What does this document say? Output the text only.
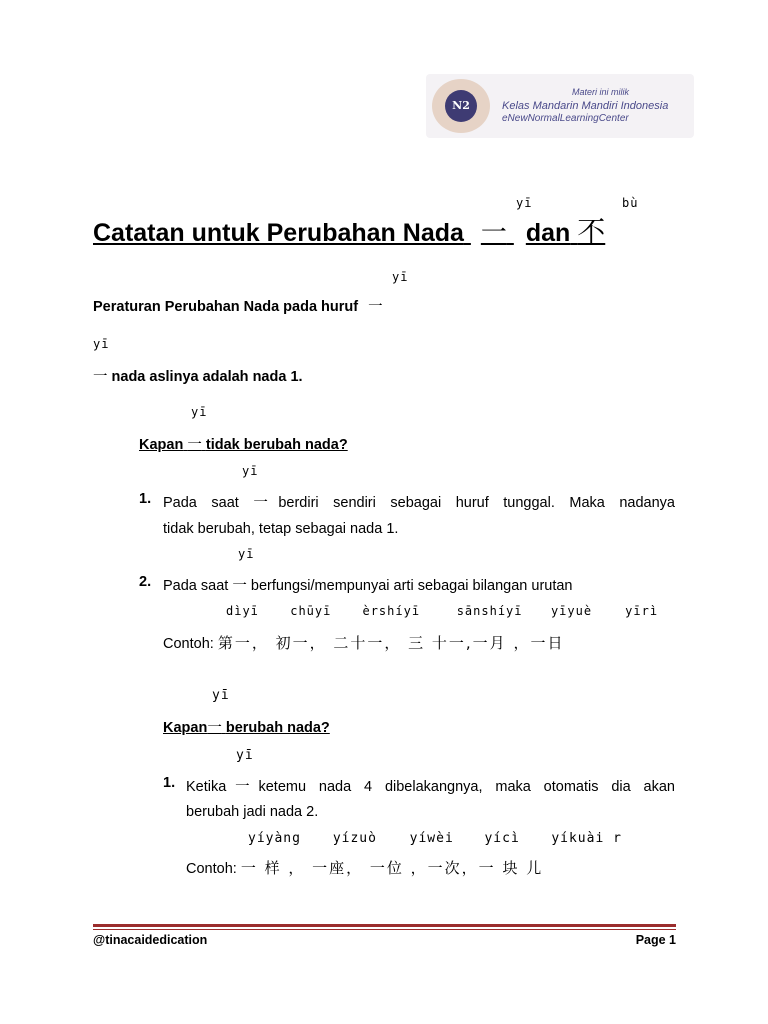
N2
Materi ini milik
Kelas Mandarin Mandiri Indonesia
eNewNormalLearningCenter
yī	bù
Catatan untuk Perubahan Nada 一 dan 不
yī
Peraturan Perubahan Nada pada huruf 一
yī
一 nada aslinya adalah nada 1.
yī
Kapan 一 tidak berubah nada?
yī
1. Pada saat 一berdiri sendiri sebagai huruf tunggal. Maka nadanya
tidak berubah, tetap sebagai nada 1.
yī
2. Pada saat 一 berfungsi/mempunyai arti sebagai bilangan urutan
dìyī	chūyī	èrshíyī	sānshíyī yīyuè	yīrì
Contoh: 第一， 初一， 二十一， 三 十一,一月 ，一日
yī
Kapan一 berubah nada?
yī
1. Ketika一ketemu nada 4 dibelakangnya, maka otomatis dia akan
berubah jadi nada 2.
yíyàng yízuò	yíwèi yícì yíkuài r
Contoh: 一 样 ， 一座， 一位 ，一次，一 块 儿
@tinacaidedication	Page 1
